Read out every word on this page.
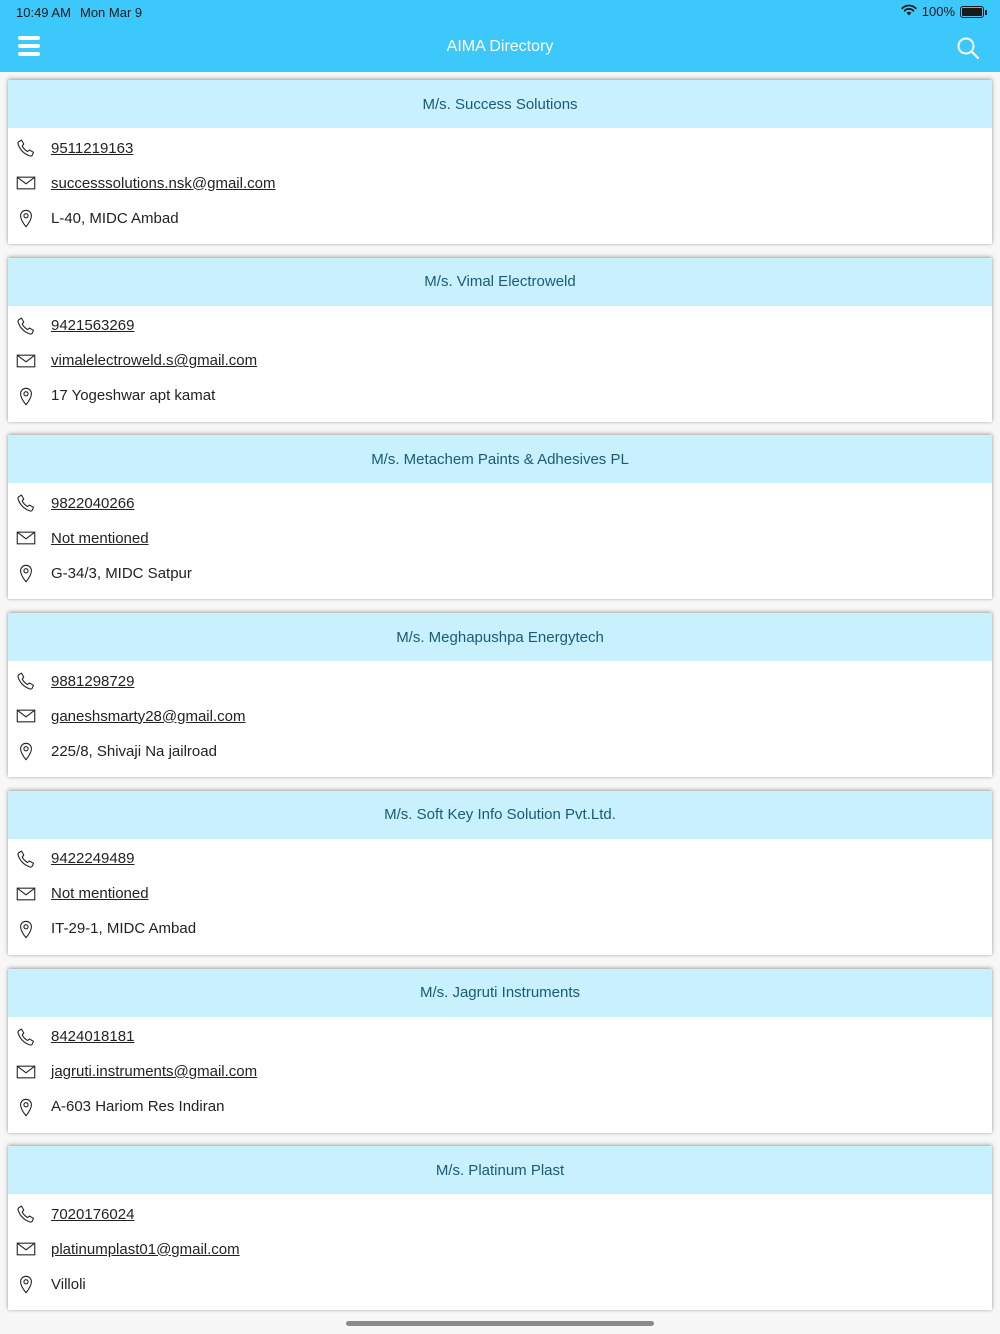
10:49 AM Mon Mar 9	100%
AIMA Directory
M/s. Success Solutions
9511219163
successsolutions.nsk@gmail.com
L-40, MIDC Ambad
M/s. Vimal Electroweld
9421563269
vimalelectroweld.s@gmail.com
17 Yogeshwar apt kamat
M/s. Metachem Paints & Adhesives PL
9822040266
Not mentioned
G-34/3, MIDC Satpur
M/s. Meghapushpa Energytech
9881298729
ganeshsmarty28@gmail.com
225/8, Shivaji Na jailroad
M/s. Soft Key Info Solution Pvt.Ltd.
9422249489
Not mentioned
IT-29-1, MIDC Ambad
M/s. Jagruti Instruments
8424018181
jagruti.instruments@gmail.com
A-603 Hariom Res Indiran
M/s. Platinum Plast
7020176024
platinumplast01@gmail.com
Villoli
